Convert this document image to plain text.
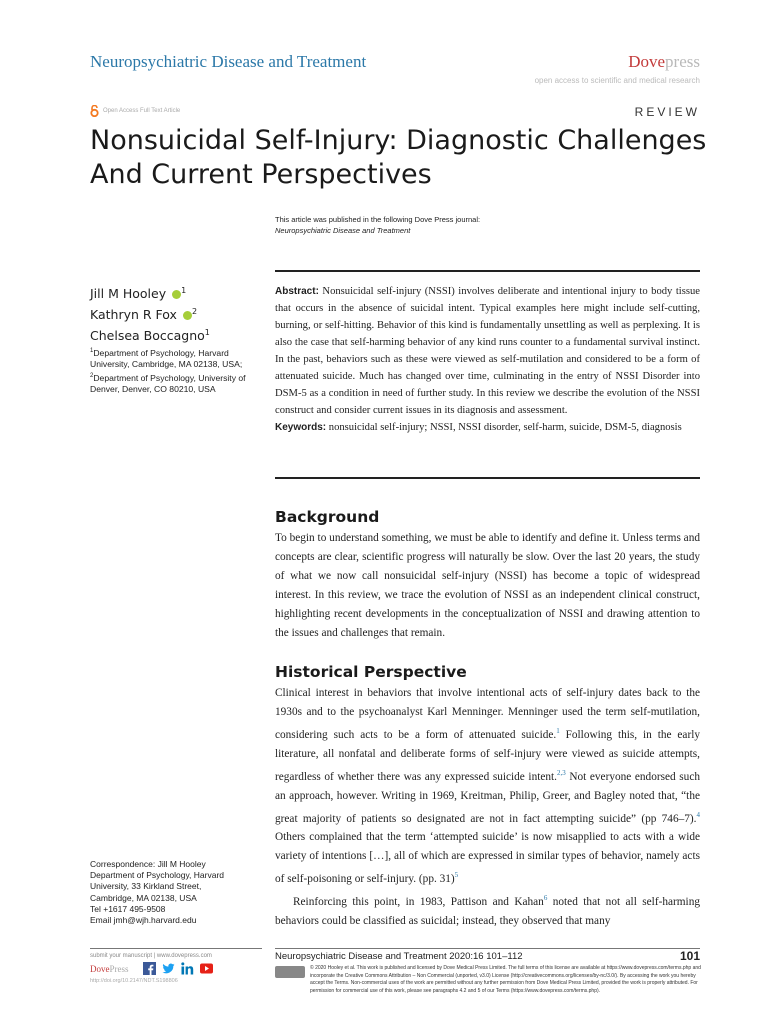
Neuropsychiatric Disease and Treatment	Dovepress
open access to scientific and medical research
Open Access Full Text Article	REVIEW
Nonsuicidal Self-Injury: Diagnostic Challenges And Current Perspectives
This article was published in the following Dove Press journal:
Neuropsychiatric Disease and Treatment
Jill M Hooley $^1$
Kathryn R Fox $^2$
Chelsea Boccagno$^1$
$^1$Department of Psychology, Harvard University, Cambridge, MA 02138, USA;
$^2$Department of Psychology, University of Denver, Denver, CO 80210, USA
Abstract: Nonsuicidal self-injury (NSSI) involves deliberate and intentional injury to body tissue that occurs in the absence of suicidal intent. Typical examples here might include self-cutting, burning, or self-hitting. Behavior of this kind is fundamentally unsettling as well as perplexing. It is also the case that self-harming behavior of any kind runs counter to a fundamental survival instinct. In the past, behaviors such as these were viewed as self-mutilation and considered to be a form of attenuated suicide. Much has changed over time, culminating in the entry of NSSI Disorder into DSM-5 as a condition in need of further study. In this review we describe the evolution of the NSSI construct and consider current issues in its diagnosis and assessment.
Keywords: nonsuicidal self-injury; NSSI, NSSI disorder, self-harm, suicide, DSM-5, diagnosis
Background

To begin to understand something, we must be able to identify and define it. Unless terms and concepts are clear, scientific progress will naturally be slow. Over the last 20 years, the study of what we now call nonsuicidal self-injury (NSSI) has become a topic of widespread interest. In this review, we trace the evolution of NSSI as an independent clinical construct, highlighting recent developments in the conceptualization of NSSI and drawing attention to the issues and challenges that remain.

Historical Perspective

Clinical interest in behaviors that involve intentional acts of self-injury dates back to the 1930s and to the psychoanalyst Karl Menninger. Menninger used the term self-mutilation, considering such acts to be a form of attenuated suicide.$^1$ Following this, in the early literature, all nonfatal and deliberate forms of self-injury were viewed as suicide attempts, regardless of whether there was any expressed suicide intent.$^{2,3}$ Not everyone endorsed such an approach, however. Writing in 1969, Kreitman, Philip, Greer, and Bagley noted that, “the great majority of patients so designated are not in fact attempting suicide” (pp 746–7).$^4$ Others complained that the term ‘attempted suicide’ is now misapplied to acts with a wide variety of intentions […], all of which are expressed in similar types of behavior, namely acts of self-poisoning or self-injury. (pp. 31)$^5$

Reinforcing this point, in 1983, Pattison and Kahan$^6$ noted that not all self-harming behaviors could be classified as suicidal; instead, they observed that many

Correspondence: Jill M Hooley
Department of Psychology, Harvard
University, 33 Kirkland Street,
Cambridge, MA 02138, USA
Tel +1617 495-9508
Email jmh@wjh.harvard.edu
submit your manuscript | www.dovepress.com
DovePress
http://doi.org/10.2147/NDT.S198806
Neuropsychiatric Disease and Treatment 2020:16 101–112	101
© 2020 Hooley et al. This work is published and licensed by Dove Medical Press Limited. The full terms of this license are available at https://www.dovepress.com/terms.php and incorporate the Creative Commons Attribution – Non Commercial (unported, v3.0) License (http://creativecommons.org/licenses/by-nc/3.0/). By accessing the work you hereby accept the Terms. Non-commercial uses of the work are permitted without any further permission from Dove Medical Press Limited, provided the work is properly attributed. For permission for commercial use of this work, please see paragraphs 4.2 and 5 of our Terms (https://www.dovepress.com/terms.php).
